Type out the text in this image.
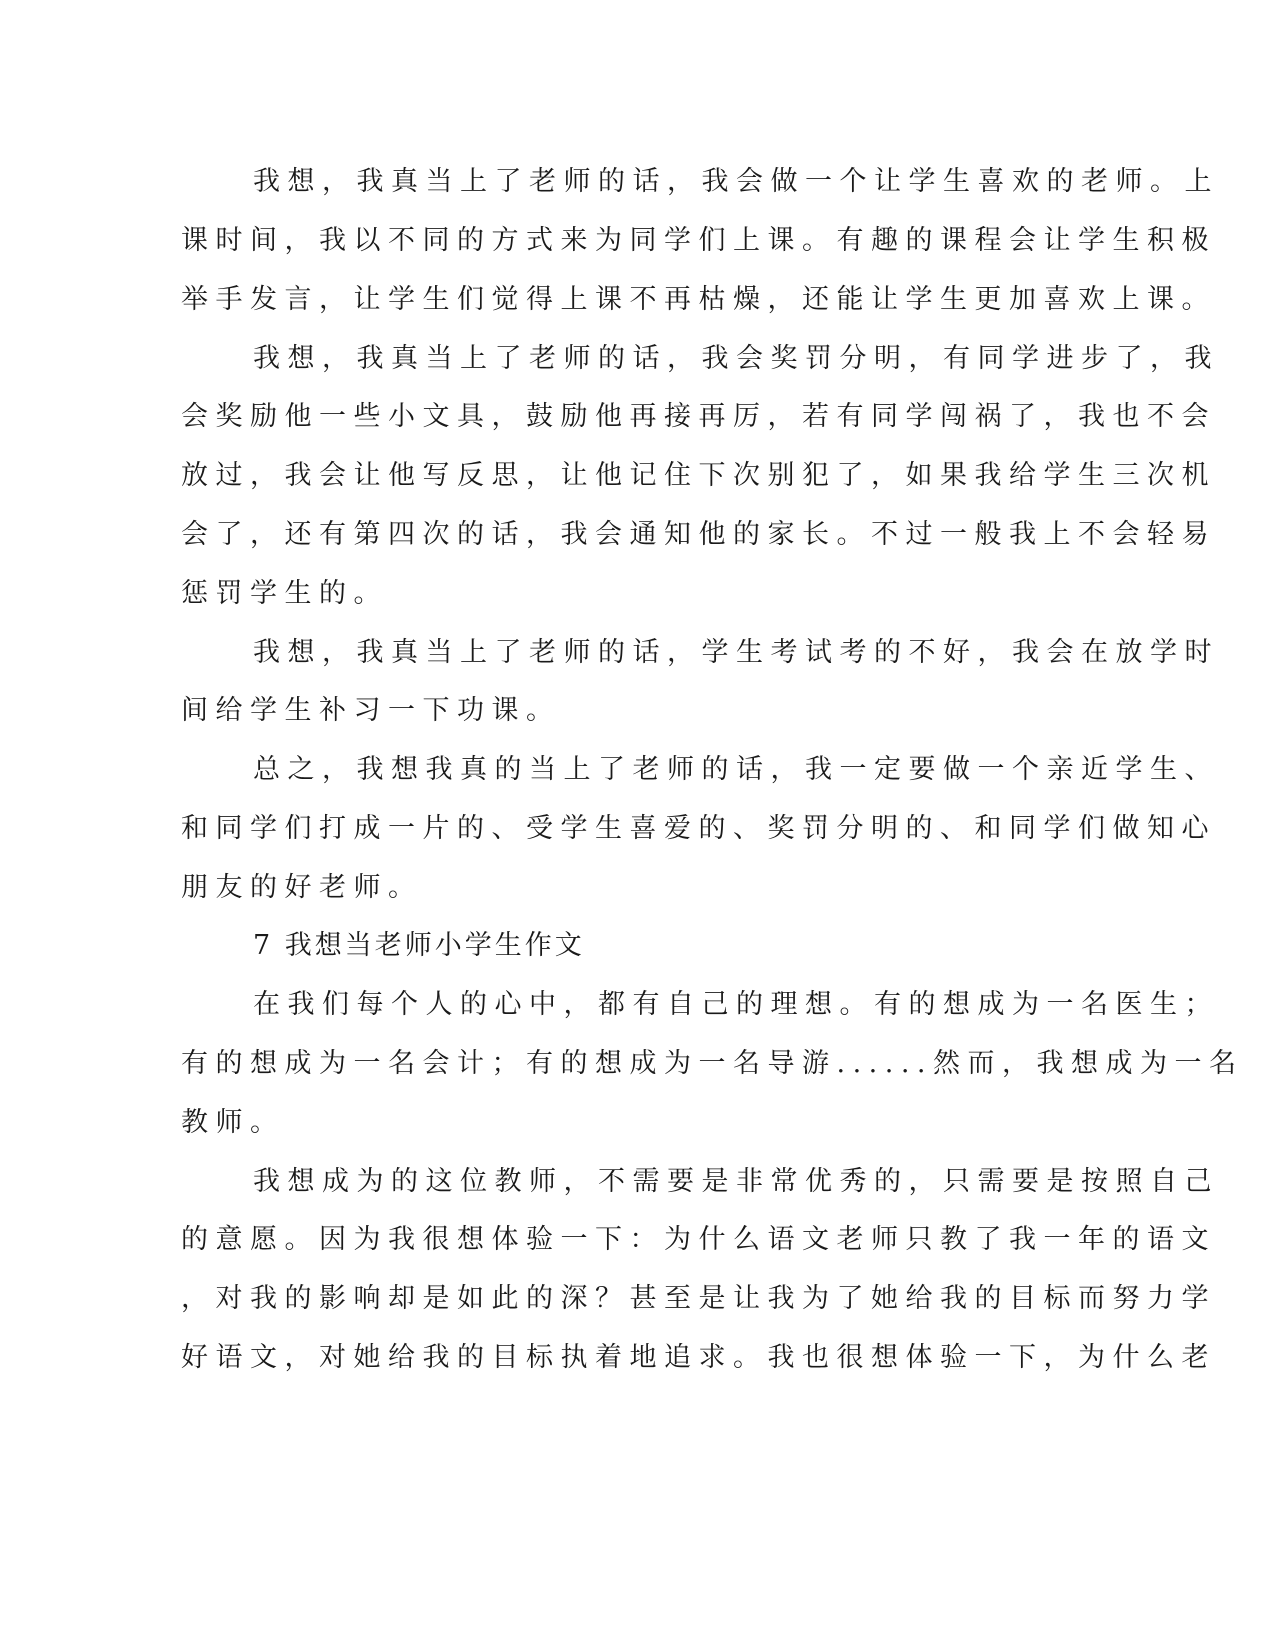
我想，我真当上了老师的话，我会做一个让学生喜欢的老师。上

课时间，我以不同的方式来为同学们上课。有趣的课程会让学生积极

举手发言，让学生们觉得上课不再枯燥，还能让学生更加喜欢上课。

我想，我真当上了老师的话，我会奖罚分明，有同学进步了，我

会奖励他一些小文具，鼓励他再接再厉，若有同学闯祸了，我也不会

放过，我会让他写反思，让他记住下次别犯了，如果我给学生三次机

会了，还有第四次的话，我会通知他的家长。不过一般我上不会轻易

惩罚学生的。

我想，我真当上了老师的话，学生考试考的不好，我会在放学时

间给学生补习一下功课。

总之，我想我真的当上了老师的话，我一定要做一个亲近学生、

和同学们打成一片的、受学生喜爱的、奖罚分明的、和同学们做知心

朋友的好老师。

7 我想当老师小学生作文

在我们每个人的心中，都有自己的理想。有的想成为一名医生；

有的想成为一名会计；有的想成为一名导游......然而，我想成为一名

教师。

我想成为的这位教师，不需要是非常优秀的，只需要是按照自己

的意愿。因为我很想体验一下：为什么语文老师只教了我一年的语文

，对我的影响却是如此的深？甚至是让我为了她给我的目标而努力学

好语文，对她给我的目标执着地追求。我也很想体验一下，为什么老
